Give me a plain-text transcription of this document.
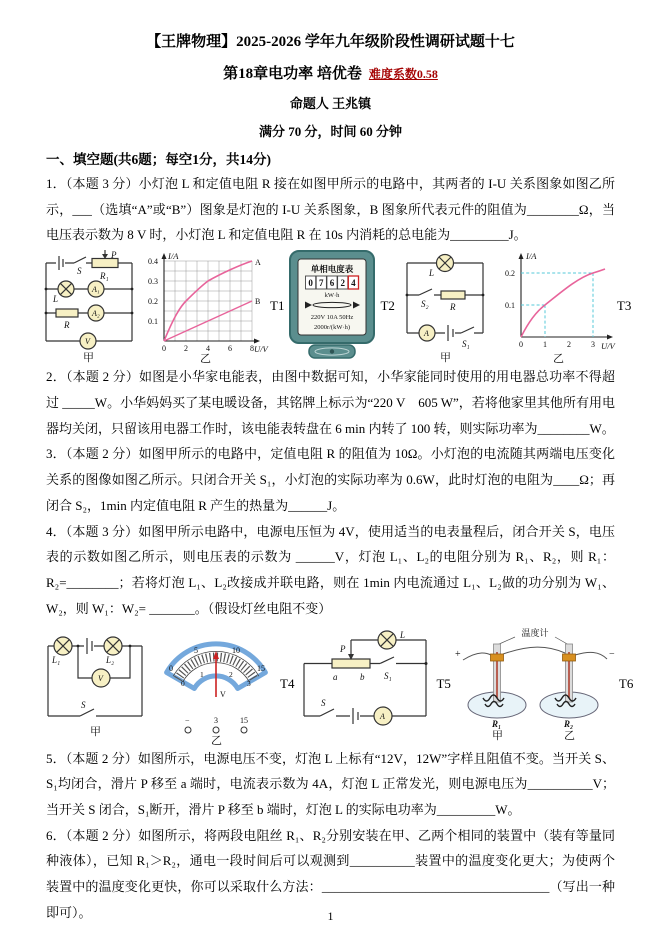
【王牌物理】2025-2026 学年九年级阶段性调研试题十七
第18章电功率 培优卷 难度系数0.58
命题人 王兆镇
满分 70 分，时间 60 分钟
一、填空题(共6题；每空1分，共14分)

1．（本题 3 分）小灯泡 L 和定值电阻 R 接在如图甲所示的电路中，其两者的 I-U 关系图象如图乙所示，___（选填“A”或“B”）图象是灯泡的 I-U 关系图象，B 图象所代表元件的阻值为________Ω，当电压表示数为 8 V 时，小灯泡 L 和定值电阻 R 在 10s 内消耗的总电能为_________J。

P
S R₁
L
A₁
R
A₂
V
甲
A
B
0.1
0.2
0.3
0.4
0 2 4 6 8
I/A
U/V
乙
T1
单相电度表
0 7 6 2 4
kW·h
220V 10A 50Hz
2000r/(kW·h)
T2
L
S₂ R
A
S₁
甲
0.1
0.2
0	1	2	3
I/A
U/V
乙
T3

2．（本题 2 分）如图是小华家电能表，由图中数据可知，小华家能同时使用的用电器总功率不得超过 _____W。小华妈妈买了某电暖设备，其铭牌上标示为“220 V　605 W”，若将他家里其他所有用电器均关闭，只留该用电器工作时，该电能表转盘在 6 min 内转了 100 转，则实际功率为________W。

3．（本题 2 分）如图甲所示的电路中，定值电阻 R 的阻值为 10Ω。小灯泡的电流随其两端电压变化关系的图像如图乙所示。只闭合开关 S₁，小灯泡的实际功率为 0.6W，此时灯泡的电阻为____Ω；再闭合 S₂，1min 内定值电阻 R 产生的热量为______J。

4．（本题 3 分）如图甲所示电路中，电源电压恒为 4V，使用适当的电表量程后，闭合开关 S，电压表的示数如图乙所示，则电压表的示数为 ______V，灯泡 L₁、L₂的电阻分别为 R₁、R₂，则 R₁：R₂=________；若将灯泡 L₁、L₂改接成并联电路，则在 1min 内电流通过 L₁、L₂做的功分别为 W₁、W₂，则 W₁：W₂= _______。（假设灯丝电阻不变）

L₁	L₂
V
S
甲
0
5	10
15
0
1	2
3
V
−	3	15
乙
T4
L
P
a	b S₁
S
A
T5
温度计
+	−
R₁
甲
R₂
乙
T6

5．（本题 2 分）如图所示，电源电压不变，灯泡 L 上标有“12V，12W”字样且阻值不变。当开关 S、S₁均闭合，滑片 P 移至 a 端时，电流表示数为 4A，灯泡 L 正常发光，则电源电压为__________V；当开关 S 闭合，S₁断开，滑片 P 移至 b 端时，灯泡 L 的实际电功率为_________W。

6．（本题 2 分）如图所示，将两段电阻丝 R₁、R₂分别安装在甲、乙两个相同的装置中（装有等量同种液体），已知 R₁＞R₂，通电一段时间后可以观测到__________装置中的温度变化更大；为使两个装置中的温度变化更快，你可以采取什么方法：___________________________________（写出一种即可）。	1
